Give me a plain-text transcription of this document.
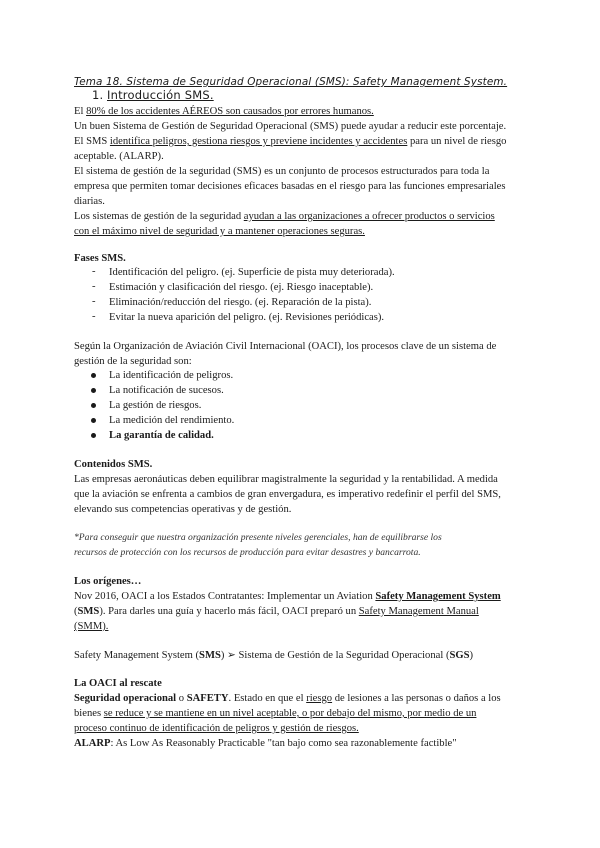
Tema 18. Sistema de Seguridad Operacional (SMS): Safety Management System.
1. Introducción SMS.
El 80% de los accidentes AÉREOS son causados por errores humanos.
Un buen Sistema de Gestión de Seguridad Operacional (SMS) puede ayudar a reducir este porcentaje.
El SMS identifica peligros, gestiona riesgos y previene incidentes y accidentes para un nivel de riesgo
aceptable. (ALARP).
El sistema de gestión de la seguridad (SMS) es un conjunto de procesos estructurados para toda la
empresa que permiten tomar decisiones eficaces basadas en el riesgo para las funciones empresariales
diarias.
Los sistemas de gestión de la seguridad ayudan a las organizaciones a ofrecer productos o servicios
con el máximo nivel de seguridad y a mantener operaciones seguras.
Fases SMS.
- Identificación del peligro. (ej. Superficie de pista muy deteriorada).
- Estimación y clasificación del riesgo. (ej. Riesgo inaceptable).
- Eliminación/reducción del riesgo. (ej. Reparación de la pista).
- Evitar la nueva aparición del peligro. (ej. Revisiones periódicas).
Según la Organización de Aviación Civil Internacional (OACI), los procesos clave de un sistema de
gestión de la seguridad son:
La identificación de peligros.
La notificación de sucesos.
La gestión de riesgos.
La medición del rendimiento.
La garantía de calidad.
Contenidos SMS.
Las empresas aeronáuticas deben equilibrar magistralmente la seguridad y la rentabilidad. A medida
que la aviación se enfrenta a cambios de gran envergadura, es imperativo redefinir el perfil del SMS,
elevando sus competencias operativas y de gestión.
*Para conseguir que nuestra organización presente niveles gerenciales, han de equilibrarse los
recursos de protección con los recursos de producción para evitar desastres y bancarrota.
Los orígenes…
Nov 2016, OACI a los Estados Contratantes: Implementar un Aviation Safety Management System
(SMS). Para darles una guía y hacerlo más fácil, OACI preparó un Safety Management Manual
(SMM).
Safety Management System (SMS) ➢ Sistema de Gestión de la Seguridad Operacional (SGS)
La OACI al rescate
Seguridad operacional o SAFETY. Estado en que el riesgo de lesiones a las personas o daños a los
bienes se reduce y se mantiene en un nivel aceptable, o por debajo del mismo, por medio de un
proceso continuo de identificación de peligros y gestión de riesgos.
ALARP: As Low As Reasonably Practicable "tan bajo como sea razonablemente factible"
